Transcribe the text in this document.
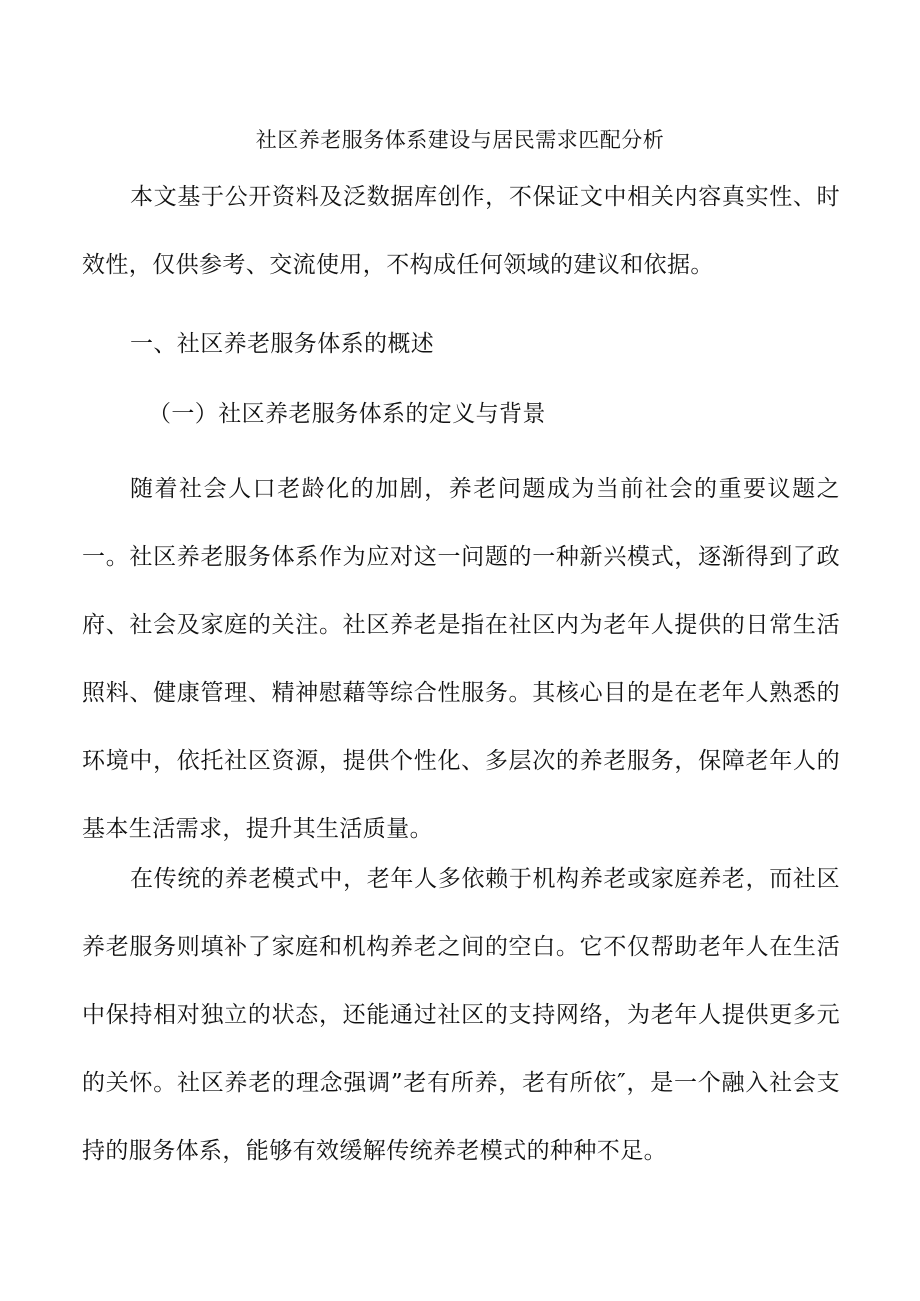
社区养老服务体系建设与居民需求匹配分析

本文基于公开资料及泛数据库创作，不保证文中相关内容真实性、时效性，仅供参考、交流使用，不构成任何领域的建议和依据。

一、社区养老服务体系的概述
（一）社区养老服务体系的定义与背景

随着社会人口老龄化的加剧，养老问题成为当前社会的重要议题之一。社区养老服务体系作为应对这一问题的一种新兴模式，逐渐得到了政府、社会及家庭的关注。社区养老是指在社区内为老年人提供的日常生活照料、健康管理、精神慰藉等综合性服务。其核心目的是在老年人熟悉的环境中，依托社区资源，提供个性化、多层次的养老服务，保障老年人的基本生活需求，提升其生活质量。

在传统的养老模式中，老年人多依赖于机构养老或家庭养老，而社区养老服务则填补了家庭和机构养老之间的空白。它不仅帮助老年人在生活中保持相对独立的状态，还能通过社区的支持网络，为老年人提供更多元的关怀。社区养老的理念强调”老有所养，老有所依″，是一个融入社会支持的服务体系，能够有效缓解传统养老模式的种种不足。
